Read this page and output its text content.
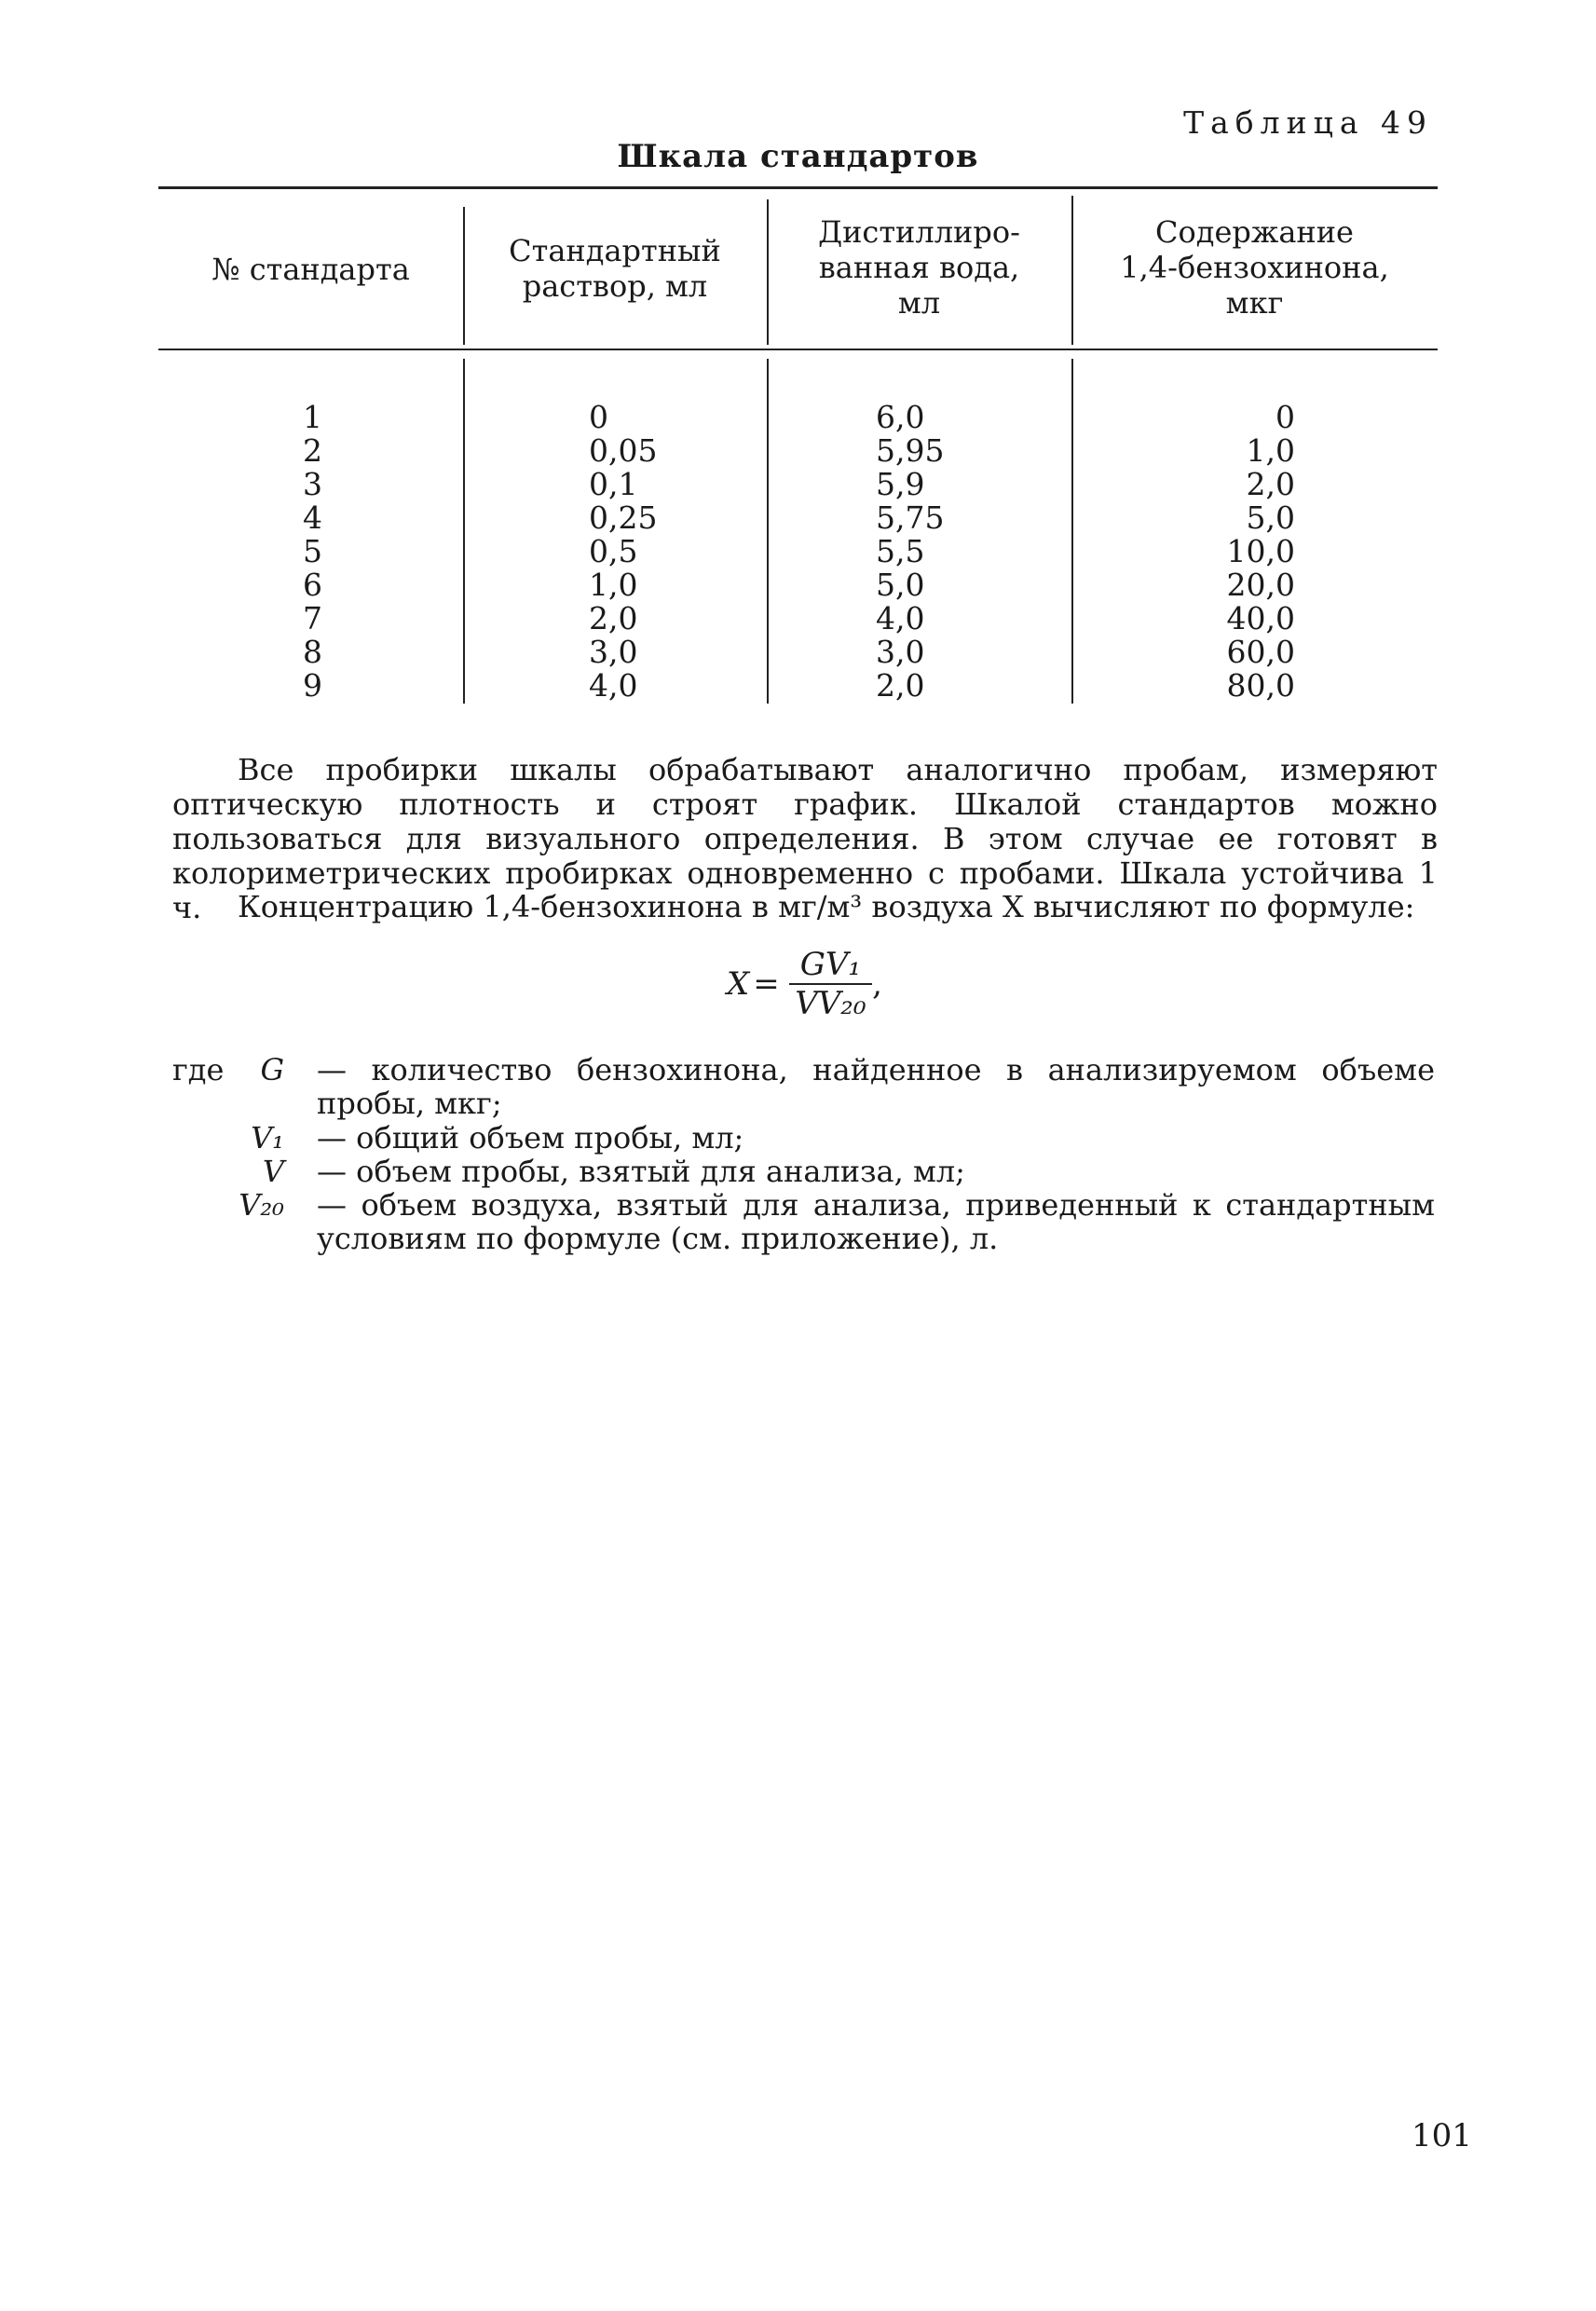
Таблица 49
Шкала стандартов
№ стандарта
Стандартный
раствор, мл
Дистиллиро-
ванная вода,
мл
Содержание
1,4-бензохинона,
мкг
1
2
3
4
5
6
7
8
9
0
0,05
0,1
0,25
0,5
1,0
2,0
3,0
4,0
6,0
5,95
5,9
5,75
5,5
5,0
4,0
3,0
2,0
0
1,0
2,0
5,0
10,0
20,0
40,0
60,0
80,0
Все пробирки шкалы обрабатывают аналогично пробам, измеряют оптическую плотность и строят график. Шкалой стандартов можно пользоваться для визуального определения. В этом случае ее готовят в колориметрических пробирках одновременно с пробами. Шкала устойчива 1 ч.	Концентрацию 1,4-бензохинона в мг/м³ воздуха X вычисляют по формуле:
$X = \frac{\text{GV₁}}{\text{VV₂₀}}$ ,
где	G — количество бензохинона, найденное в анализируемом объеме пробы, мкг;
V₁ — общий объем пробы, мл;
V — объем пробы, взятый для анализа, мл;
V₂₀ — объем воздуха, взятый для анализа, приведенный к стандартным условиям по формуле (см. приложение), л.
101
